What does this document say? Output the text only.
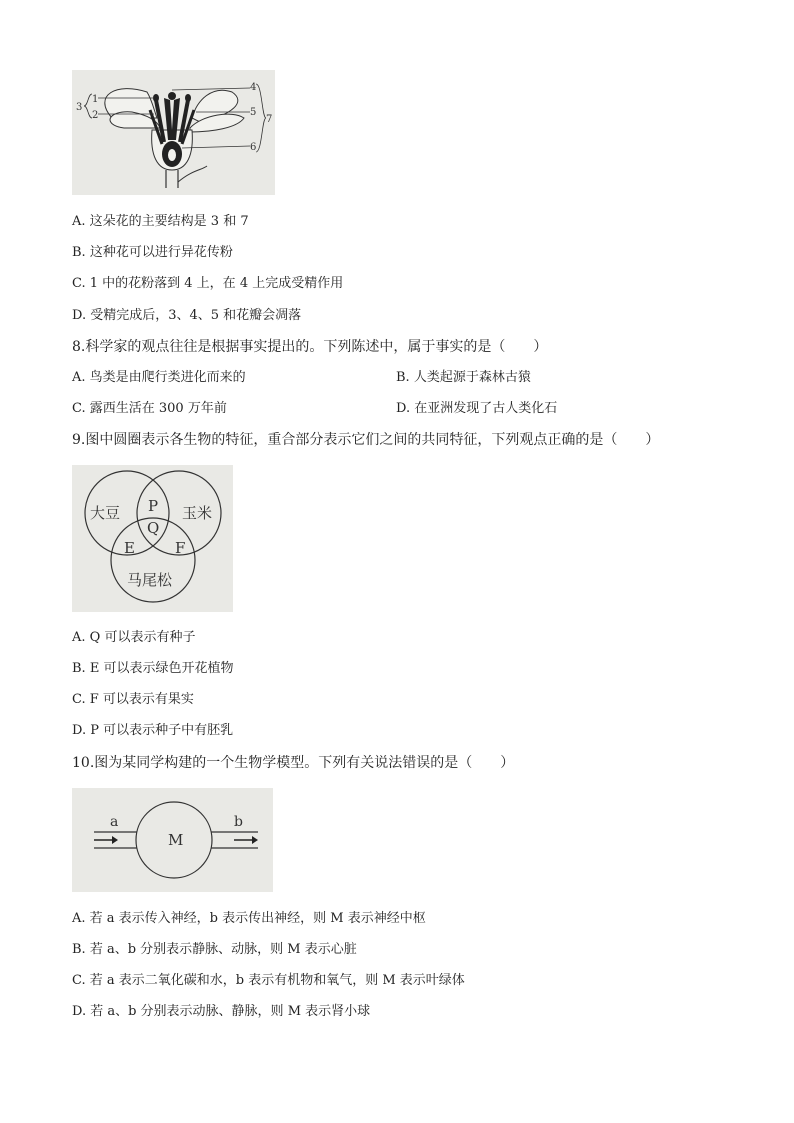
1
2
3
4
5
6
7
A. 这朵花的主要结构是 3 和 7
B. 这种花可以进行异花传粉
C. 1 中的花粉落到 4 上，在 4 上完成受精作用
D. 受精完成后，3、4、5 和花瓣会凋落
8.科学家的观点往往是根据事实提出的。下列陈述中，属于事实的是（　　）
A. 鸟类是由爬行类进化而来的	B. 人类起源于森林古猿
C. 露西生活在 300 万年前	D. 在亚洲发现了古人类化石
9.图中圆圈表示各生物的特征，重合部分表示它们之间的共同特征，下列观点正确的是（　　）
大豆	玉米
马尾松
P
Q
E	F
A. Q 可以表示有种子
B. E 可以表示绿色开花植物
C. F 可以表示有果实
D. P 可以表示种子中有胚乳
10.图为某同学构建的一个生物学模型。下列有关说法错误的是（　　）
M
a	b
A. 若 a 表示传入神经，b 表示传出神经，则 M 表示神经中枢
B. 若 a、b 分别表示静脉、动脉，则 M 表示心脏
C. 若 a 表示二氧化碳和水，b 表示有机物和氧气，则 M 表示叶绿体
D. 若 a、b 分别表示动脉、静脉，则 M 表示肾小球
